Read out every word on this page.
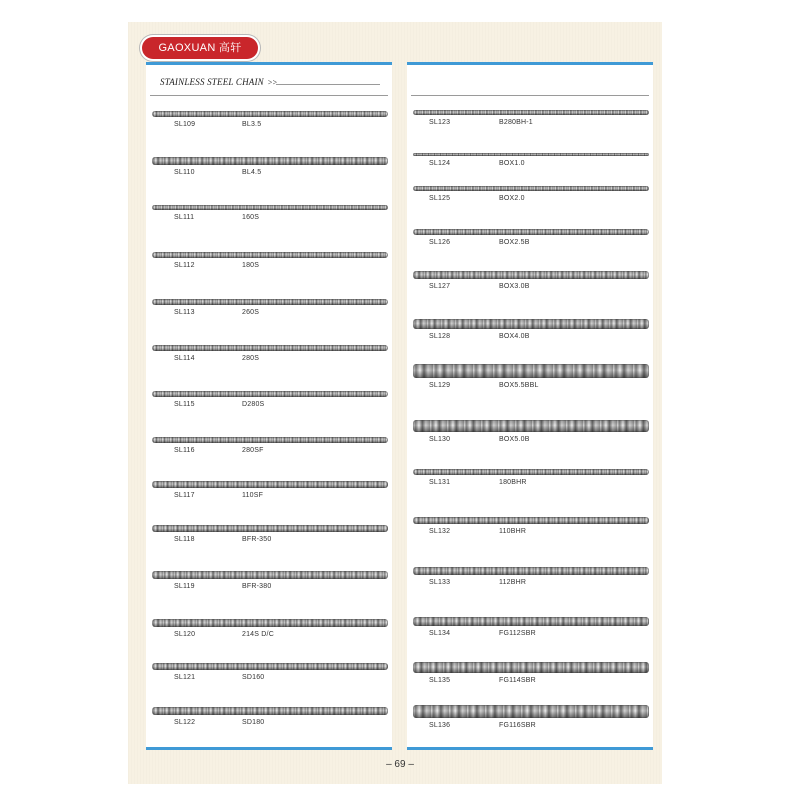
GAOXUAN 高轩
STAINLESS STEEL CHAIN >>
SL109	BL3.5
SL110	BL4.5
SL111	160S
SL112	180S
SL113	260S
SL114	280S
SL115	D280S
SL116	280SF
SL117	110SF
SL118	BFR-350
SL119	BFR-380
SL120	214S D/C
SL121	SD160
SL122	SD180
SL123	B280BH-1
SL124	BOX1.0
SL125	BOX2.0
SL126	BOX2.5B
SL127	BOX3.0B
SL128	BOX4.0B
SL129	BOX5.5BBL
SL130	BOX5.0B
SL131	180BHR
SL132	110BHR
SL133	112BHR
SL134	FG112SBR
SL135	FG114SBR
SL136	FG116SBR
– 69 –
